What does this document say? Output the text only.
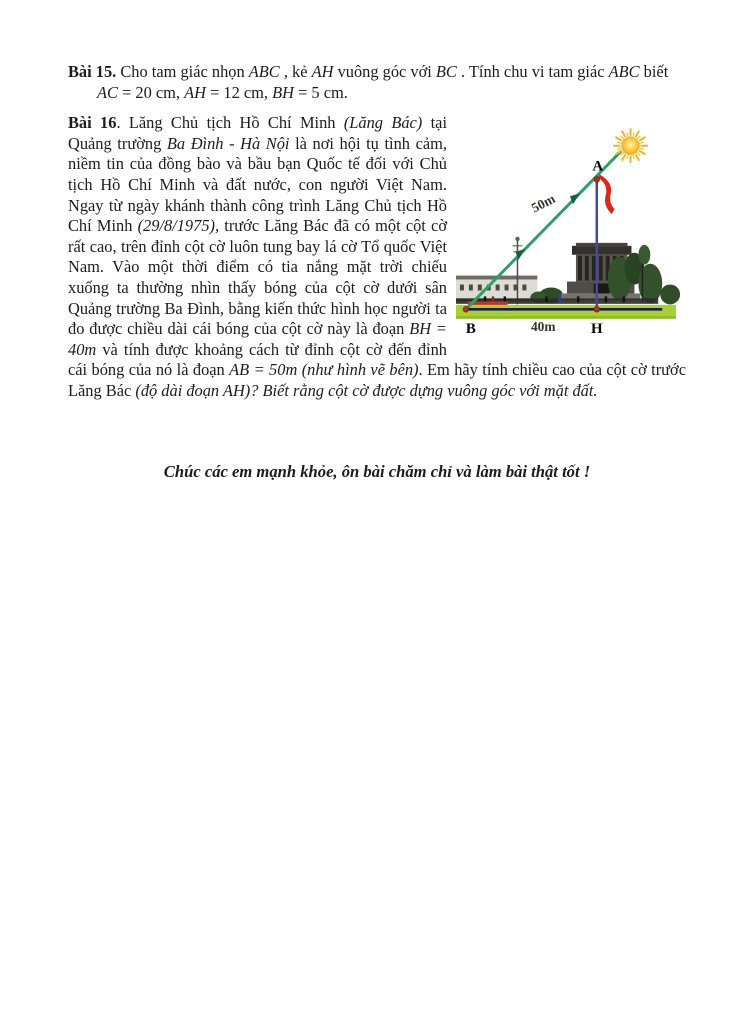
Bài 15. Cho tam giác nhọn ABC , kẻ AH vuông góc với BC . Tính chu vi tam giác ABC biết

AC = 20 cm, AH = 12 cm, BH = 5 cm.

A
B	H
50m
40m
Bài 16. Lăng Chủ tịch Hồ Chí Minh (Lăng Bác) tại Quảng trường Ba Đình - Hà Nội là nơi hội tụ tình cảm, niềm tin của đồng bào và bầu bạn Quốc tế đối với Chủ tịch Hồ Chí Minh và đất nước, con người Việt Nam. Ngay từ ngày khánh thành công trình Lăng Chủ tịch Hồ Chí Minh (29/8/1975), trước Lăng Bác đã có một cột cờ rất cao, trên đỉnh cột cờ luôn tung bay lá cờ Tổ quốc Việt Nam. Vào một thời điểm có tia nắng mặt trời chiếu xuống ta thường nhìn thấy bóng của cột cờ dưới sân Quảng trường Ba Đình, bằng kiến thức hình học người ta đo được chiều dài cái bóng của cột cờ này là đoạn BH = 40m và tính được khoảng cách từ đỉnh cột cờ đến đỉnh cái bóng của nó là đoạn AB = 50m (như hình vẽ bên). Em hãy tính chiều cao của cột cờ trước Lăng Bác (độ dài đoạn AH)? Biết rằng cột cờ được dựng vuông góc với mặt đất.

Chúc các em mạnh khỏe, ôn bài chăm chỉ và làm bài thật tốt !
